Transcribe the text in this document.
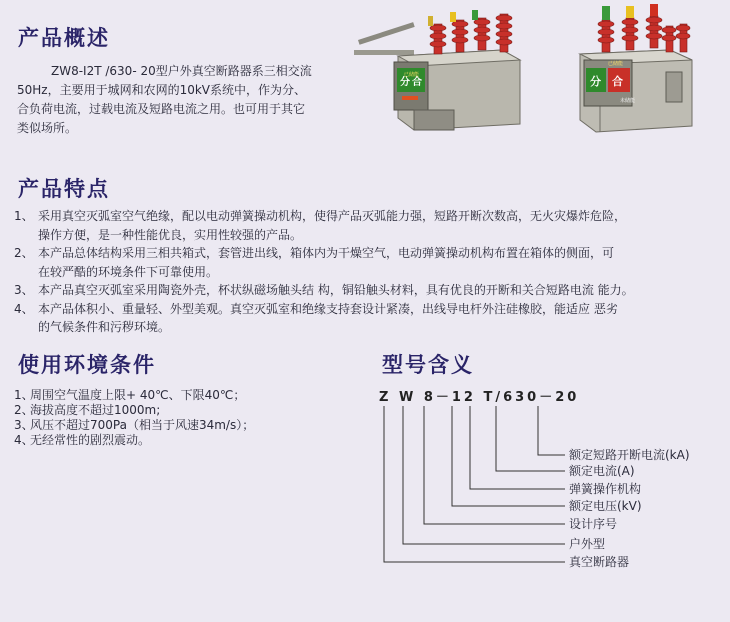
产品概述
ZW8-I2T /630- 20型户外真空断路器系三相交流
50Hz，主要用于城网和农网的10kV系统中，作为分、
合负荷电流，过载电流及短路电流之用。也可用于其它
类似场所。
分 合
已储能
已储能
分 合
未储能
产品特点
1、 采用真空灭弧室空气绝缘，配以电动弹簧操动机构，使得产品灭弧能力强，短路开断次数高，无火灾爆炸危险，
操作方便，是一种性能优良，实用性较强的产品。
2、 本产品总体结构采用三相共箱式，套管进出线，箱体内为干燥空气，电动弹簧操动机构布置在箱体的侧面，可
在较严酷的环境条件下可靠使用。
3、 本产品真空灭弧室采用陶瓷外壳，杯状纵磁场触头结 构，铜铅触头材料，具有优良的开断和关合短路电流 能力。
4、 本产品体积小、重量轻、外型美观。真空灭弧室和绝缘支持套设计紧凑，出线导电杆外注硅橡胶，能适应 恶劣
的气候条件和污秽环境。
使用环境条件
1、
周围空气温度上限+ 40℃、下限40℃；
2、
海拔高度不超过1000m;
3、
风压不超过700Pa（相当于风速34m/s）；
4、
无经常性的剧烈震动。
型号含义
Z W 8－12 T/630－20
额定短路开断电流(kA)
额定电流(A)
弹簧操作机构
额定电压(kV)
设计序号
户外型
真空断路器
